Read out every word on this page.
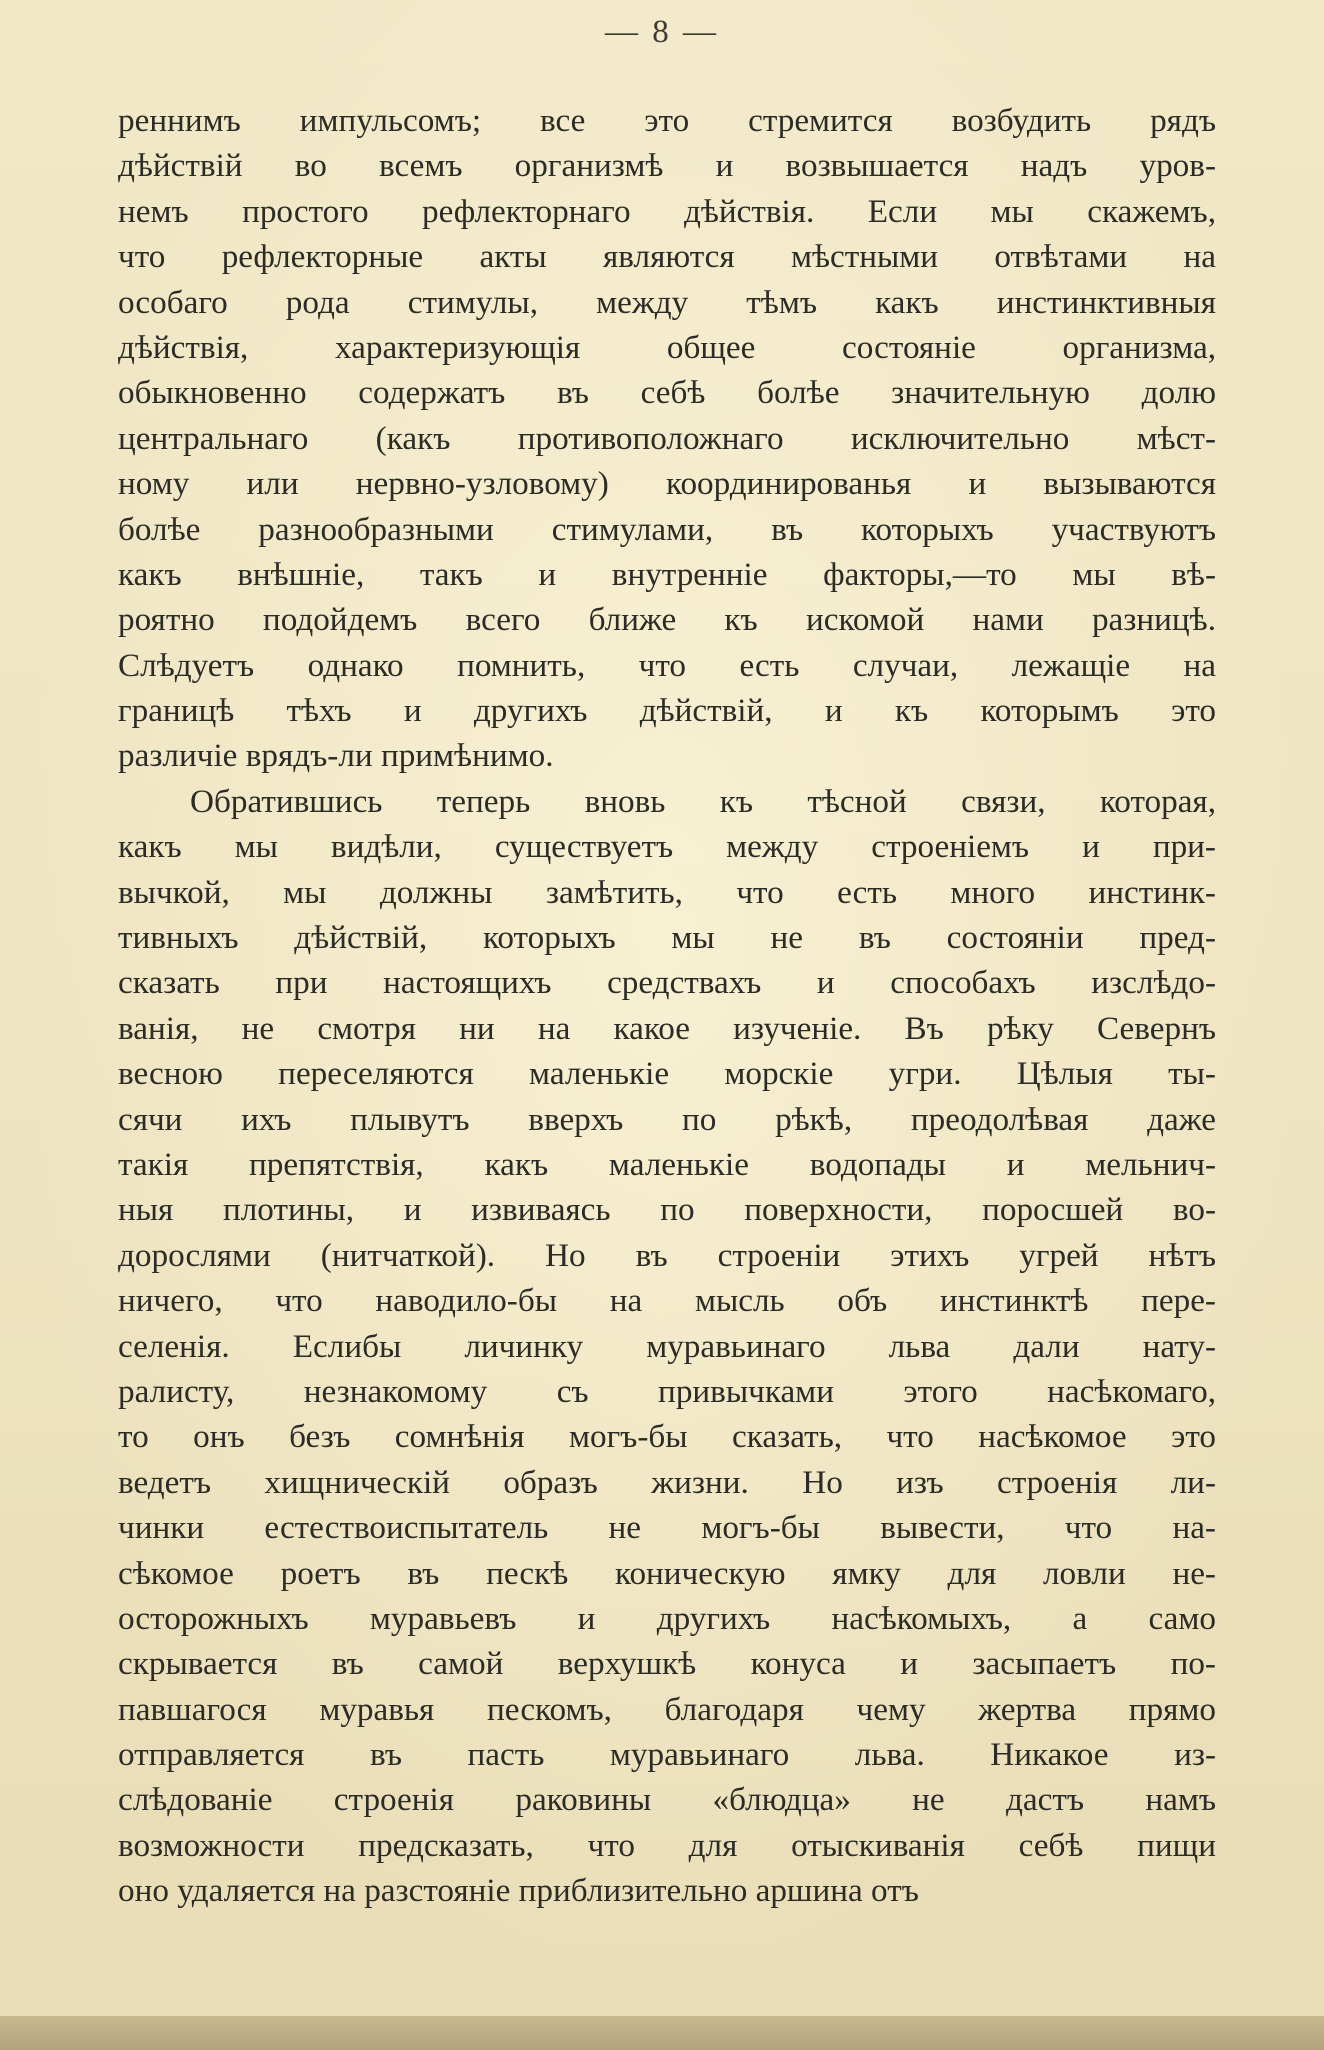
— 8 —
реннимъ импульсомъ; все это стремится возбудить рядъ
дѣйствій во всемъ организмѣ и возвышается надъ уров-
немъ простого рефлекторнаго дѣйствія. Если мы скажемъ,
что рефлекторные акты являются мѣстными отвѣтами на
особаго рода стимулы, между тѣмъ какъ инстинктивныя
дѣйствія, характеризующія общее состояніе организма,
обыкновенно содержатъ въ себѣ болѣе значительную долю
центральнаго (какъ противоположнаго исключительно мѣст-
ному или нервно-узловому) координированья и вызываются
болѣе разнообразными стимулами, въ которыхъ участвуютъ
какъ внѣшніе, такъ и внутренніе факторы,—то мы вѣ-
роятно подойдемъ всего ближе къ искомой нами разницѣ.
Слѣдуетъ однако помнить, что есть случаи, лежащіе на
границѣ тѣхъ и другихъ дѣйствій, и къ которымъ это
различіе врядъ-ли примѣнимо.
Обратившись теперь вновь къ тѣсной связи, которая,
какъ мы видѣли, существуетъ между строеніемъ и при-
вычкой, мы должны замѣтить, что есть много инстинк-
тивныхъ дѣйствій, которыхъ мы не въ состояніи пред-
сказать при настоящихъ средствахъ и способахъ изслѣдо-
ванія, не смотря ни на какое изученіе. Въ рѣку Севернъ
весною переселяются маленькіе морскіе угри. Цѣлыя ты-
сячи ихъ плывутъ вверхъ по рѣкѣ, преодолѣвая даже
такія препятствія, какъ маленькіе водопады и мельнич-
ныя плотины, и извиваясь по поверхности, поросшей во-
дорослями (нитчаткой). Но въ строеніи этихъ угрей нѣтъ
ничего, что наводило-бы на мысль объ инстинктѣ пере-
селенія. Еслибы личинку муравьинаго льва дали нату-
ралисту, незнакомому съ привычками этого насѣкомаго,
то онъ безъ сомнѣнія могъ-бы сказать, что насѣкомое это
ведетъ хищническій образъ жизни. Но изъ строенія ли-
чинки естествоиспытатель не могъ-бы вывести, что на-
сѣкомое роетъ въ пескѣ коническую ямку для ловли не-
осторожныхъ муравьевъ и другихъ насѣкомыхъ, а само
скрывается въ самой верхушкѣ конуса и засыпаетъ по-
павшагося муравья пескомъ, благодаря чему жертва прямо
отправляется въ пасть муравьинаго льва. Никакое из-
слѣдованіе строенія раковины «блюдца» не дастъ намъ
возможности предсказать, что для отыскиванія себѣ пищи
оно удаляется на разстояніе приблизительно аршина отъ
